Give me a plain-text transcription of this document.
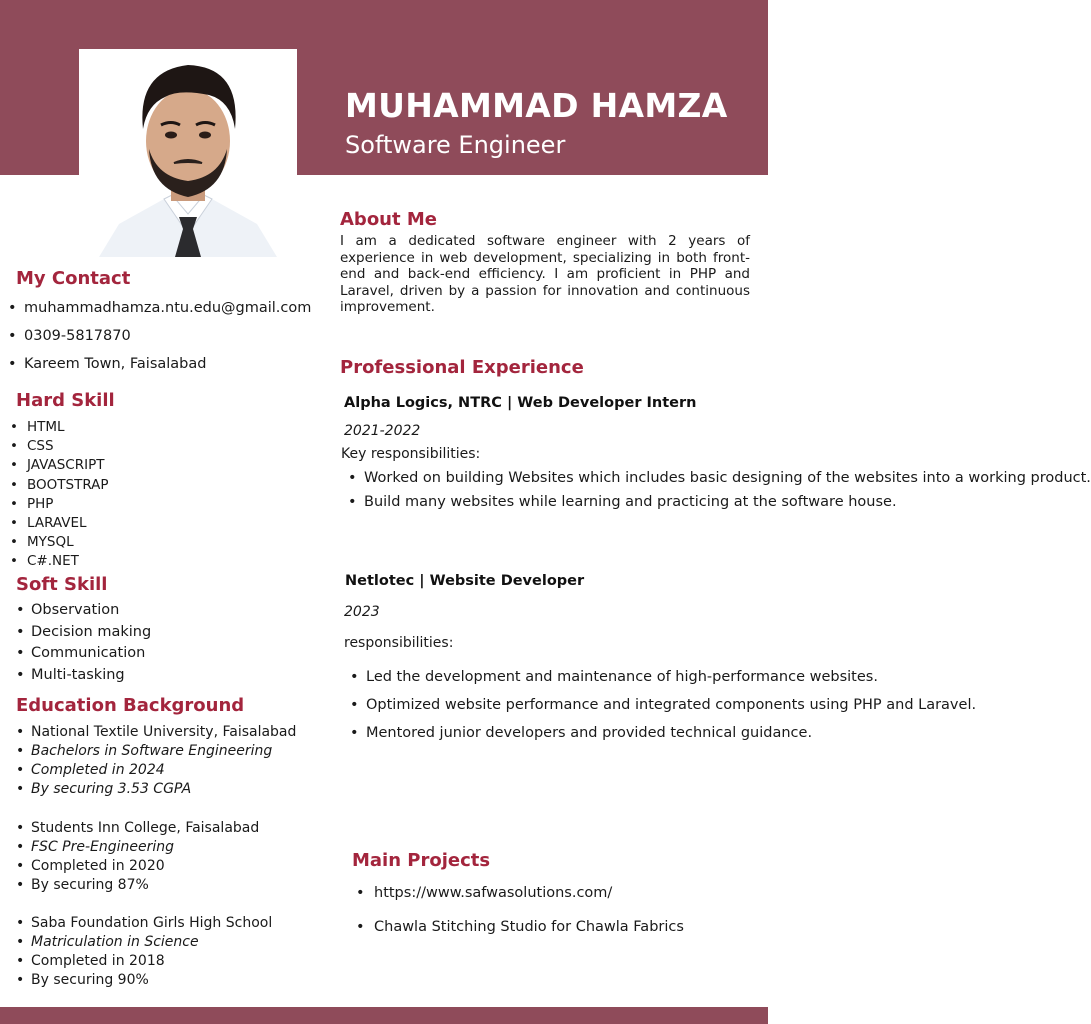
MUHAMMAD HAMZA
Software Engineer
About Me
I am a dedicated software engineer with 2 years of experience in web development, specializing in both front-end and back-end efficiency. I am proficient in PHP and Laravel, driven by a passion for innovation and continuous improvement.
My Contact
• muhammadhamza.ntu.edu@gmail.com
• 0309-5817870
• Kareem Town, Faisalabad
Hard Skill
• HTML
• CSS
• JAVASCRIPT
• BOOTSTRAP
• PHP
• LARAVEL
• MYSQL
• C#.NET
Soft Skill
• Observation
• Decision making
• Communication
• Multi-tasking
Education Background
• National Textile University, Faisalabad
• Bachelors in Software Engineering
• Completed in 2024
• By securing 3.53 CGPA
• Students Inn College, Faisalabad
• FSC Pre-Engineering
• Completed in 2020
• By securing 87%
• Saba Foundation Girls High School
• Matriculation in Science
• Completed in 2018
• By securing 90%
Professional Experience
Alpha Logics, NTRC | Web Developer Intern
2021-2022
Key responsibilities:
• Worked on building Websites which includes basic designing of the websites into a working product.
• Build many websites while learning and practicing at the software house.
Netlotec | Website Developer
2023
responsibilities:
• Led the development and maintenance of high-performance websites.
• Optimized website performance and integrated components using PHP and Laravel.
• Mentored junior developers and provided technical guidance.
Main Projects
• https://www.safwasolutions.com/
• Chawla Stitching Studio for Chawla Fabrics
